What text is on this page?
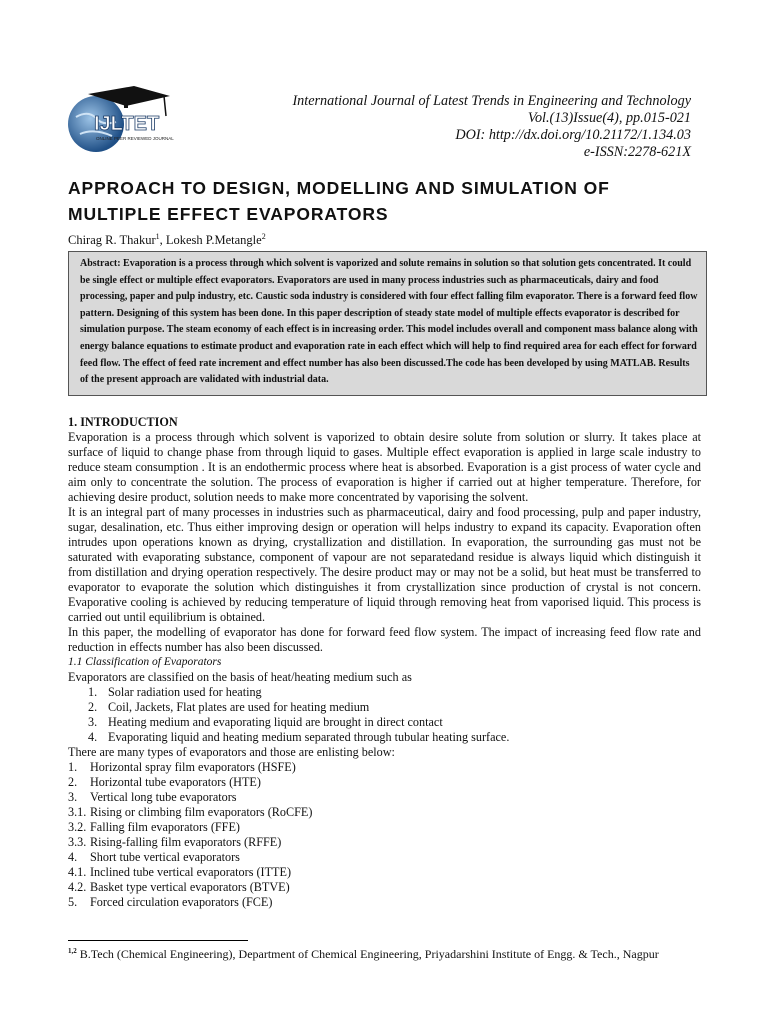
IJLTET
ONLINE PEER REVIEWED JOURNAL
International Journal of Latest Trends in Engineering and Technology
Vol.(13)Issue(4), pp.015-021
DOI: http://dx.doi.org/10.21172/1.134.03
e-ISSN:2278-621X
APPROACH TO DESIGN, MODELLING AND SIMULATION OF MULTIPLE EFFECT EVAPORATORS
Chirag R. Thakur$^1$, Lokesh P.Metangle$^2$
Abstract: Evaporation is a process through which solvent is vaporized and solute remains in solution so that solution gets concentrated. It could be single effect or multiple effect evaporators. Evaporators are used in many process industries such as pharmaceuticals, dairy and food processing, paper and pulp industry, etc. Caustic soda industry is considered with four effect falling film evaporator. There is a forward feed flow pattern. Designing of this system has been done. In this paper description of steady state model of multiple effects evaporator is described for simulation purpose. The steam economy of each effect is in increasing order. This model includes overall and component mass balance along with energy balance equations to estimate product and evaporation rate in each effect which will help to find required area for each effect for forward feed flow. The effect of feed rate increment and effect number has also been discussed.The code has been developed by using MATLAB. Results of the present approach are validated with industrial data.

1. INTRODUCTION

Evaporation is a process through which solvent is vaporized to obtain desire solute from solution or slurry. It takes place at surface of liquid to change phase from through liquid to gases. Multiple effect evaporation is applied in large scale industry to reduce steam consumption . It is an endothermic process where heat is absorbed. Evaporation is a gist process of water cycle and aim only to concentrate the solution. The process of evaporation is higher if carried out at higher temperature. Therefore, for achieving desire product, solution needs to make more concentrated by vaporising the solvent.

It is an integral part of many processes in industries such as pharmaceutical, dairy and food processing, pulp and paper industry, sugar, desalination, etc. Thus either improving design or operation will helps industry to expand its capacity. Evaporation often intrudes upon operations known as drying, crystallization and distillation. In evaporation, the surrounding gas must not be saturated with evaporating substance, component of vapour are not separatedand residue is always liquid which distinguish it from distillation and drying operation respectively. The desire product may or may not be a solid, but heat must be transferred to evaporator to evaporate the solution which distinguishes it from crystallization since production of crystal is not concern. Evaporative cooling is achieved by reducing temperature of liquid through removing heat from vaporised liquid. This process is carried out until equilibrium is obtained.

In this paper, the modelling of evaporator has done for forward feed flow system. The impact of increasing feed flow rate and reduction in effects number has also been discussed.

1.1 Classification of Evaporators

Evaporators are classified on the basis of heat/heating medium such as

1. Solar radiation used for heating
2. Coil, Jackets, Flat plates are used for heating medium
3. Heating medium and evaporating liquid are brought in direct contact
4. Evaporating liquid and heating medium separated through tubular heating surface.

There are many types of evaporators and those are enlisting below:

1. Horizontal spray film evaporators (HSFE)
2. Horizontal tube evaporators (HTE)
3. Vertical long tube evaporators
3.1. Rising or climbing film evaporators (RoCFE)
3.2. Falling film evaporators (FFE)
3.3. Rising-falling film evaporators (RFFE)
4. Short tube vertical evaporators
4.1. Inclined tube vertical evaporators (ITTE)
4.2. Basket type vertical evaporators (BTVE)
5. Forced circulation evaporators (FCE)
$^{1,2}$ B.Tech (Chemical Engineering), Department of Chemical Engineering, Priyadarshini Institute of Engg. & Tech., Nagpur
